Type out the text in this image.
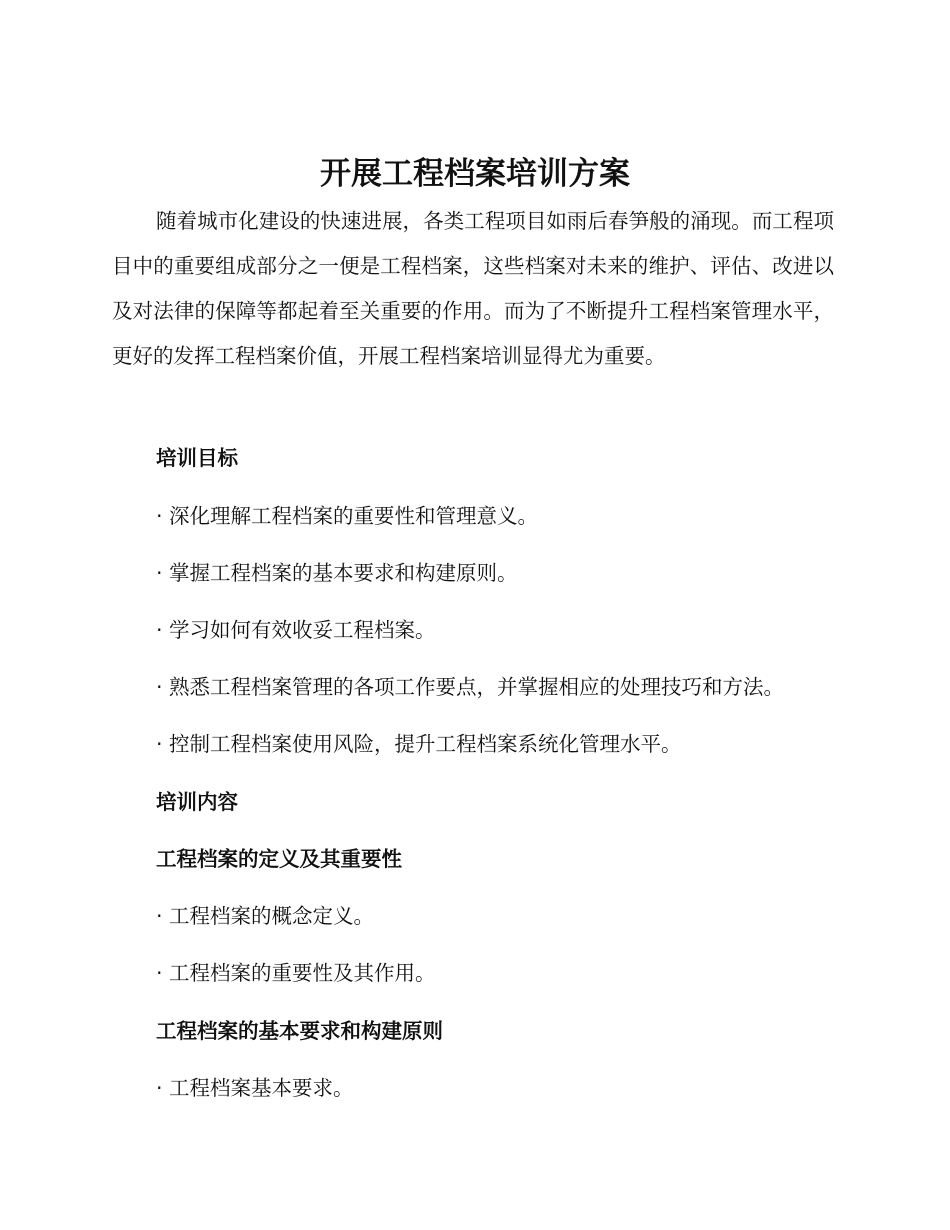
开展工程档案培训方案

随着城市化建设的快速进展，各类工程项目如雨后春笋般的涌现。而工程项目中的重要组成部分之一便是工程档案，这些档案对未来的维护、评估、改进以及对法律的保障等都起着至关重要的作用。而为了不断提升工程档案管理水平，更好的发挥工程档案价值，开展工程档案培训显得尤为重要。

培训目标

· 深化理解工程档案的重要性和管理意义。

· 掌握工程档案的基本要求和构建原则。

· 学习如何有效收妥工程档案。

· 熟悉工程档案管理的各项工作要点，并掌握相应的处理技巧和方法。

· 控制工程档案使用风险，提升工程档案系统化管理水平。

培训内容

工程档案的定义及其重要性

· 工程档案的概念定义。

· 工程档案的重要性及其作用。

工程档案的基本要求和构建原则

· 工程档案基本要求。
